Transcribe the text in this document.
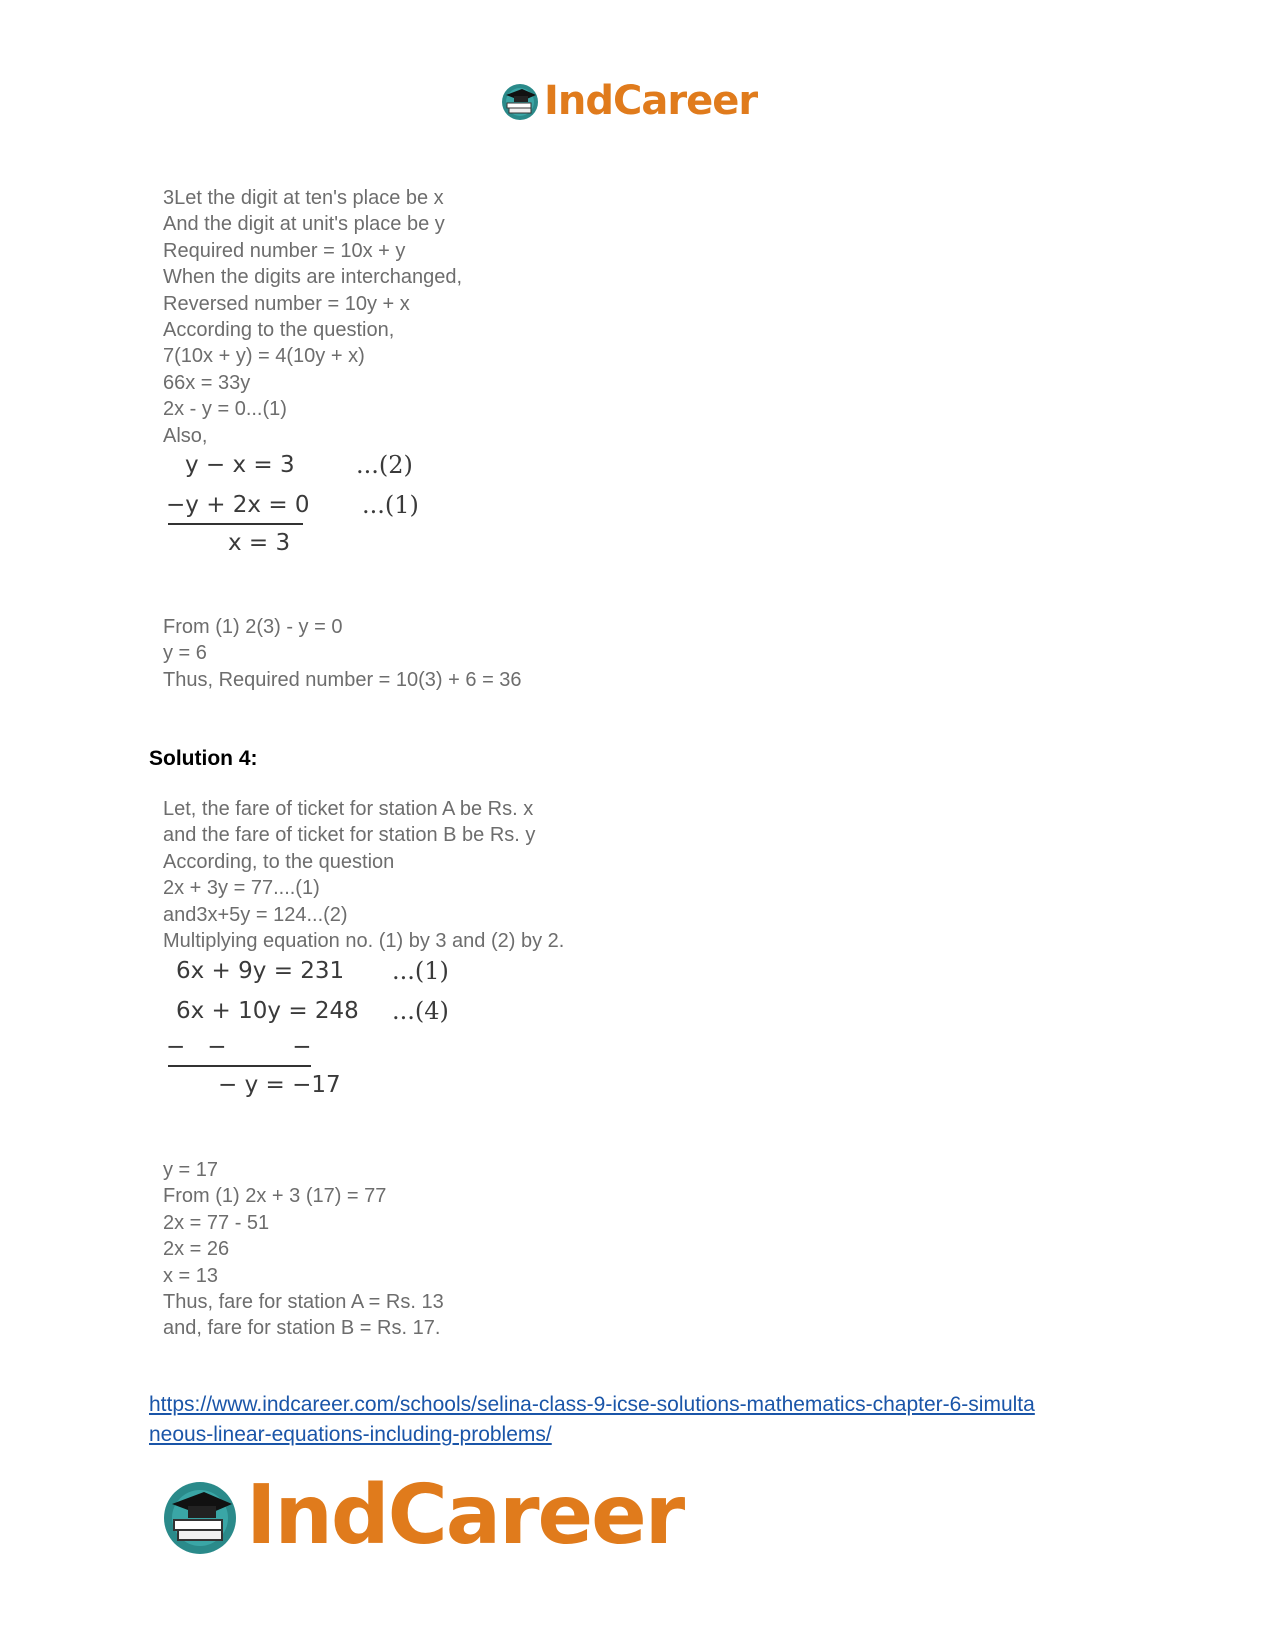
IndCareer
3Let the digit at ten's place be x
And the digit at unit's place be y
Required number = 10x + y
When the digits are interchanged,
Reversed number = 10y + x
According to the question,
7(10x + y) = 4(10y + x)
66x = 33y
2x - y = 0...(1)
Also,
y − x = 3	...(2)
−y + 2x = 0 ...(1)
x = 3
From (1) 2(3) - y = 0
y = 6
Thus, Required number = 10(3) + 6 = 36
Solution 4:
Let, the fare of ticket for station A be Rs. x
and the fare of ticket for station B be Rs. y
According, to the question
2x + 3y = 77....(1)
and3x+5y = 124...(2)
Multiplying equation no. (1) by 3 and (2) by 2.
6x + 9y = 231 ...(1)
6x + 10y = 248 ...(4)
−   −         −
− y = −17
y = 17
From (1) 2x + 3 (17) = 77
2x = 77 - 51
2x = 26
x = 13
Thus, fare for station A = Rs. 13
and, fare for station B = Rs. 17.
https://www.indcareer.com/schools/selina-class-9-icse-solutions-mathematics-chapter-6-simulta
neous-linear-equations-including-problems/
IndCareer
